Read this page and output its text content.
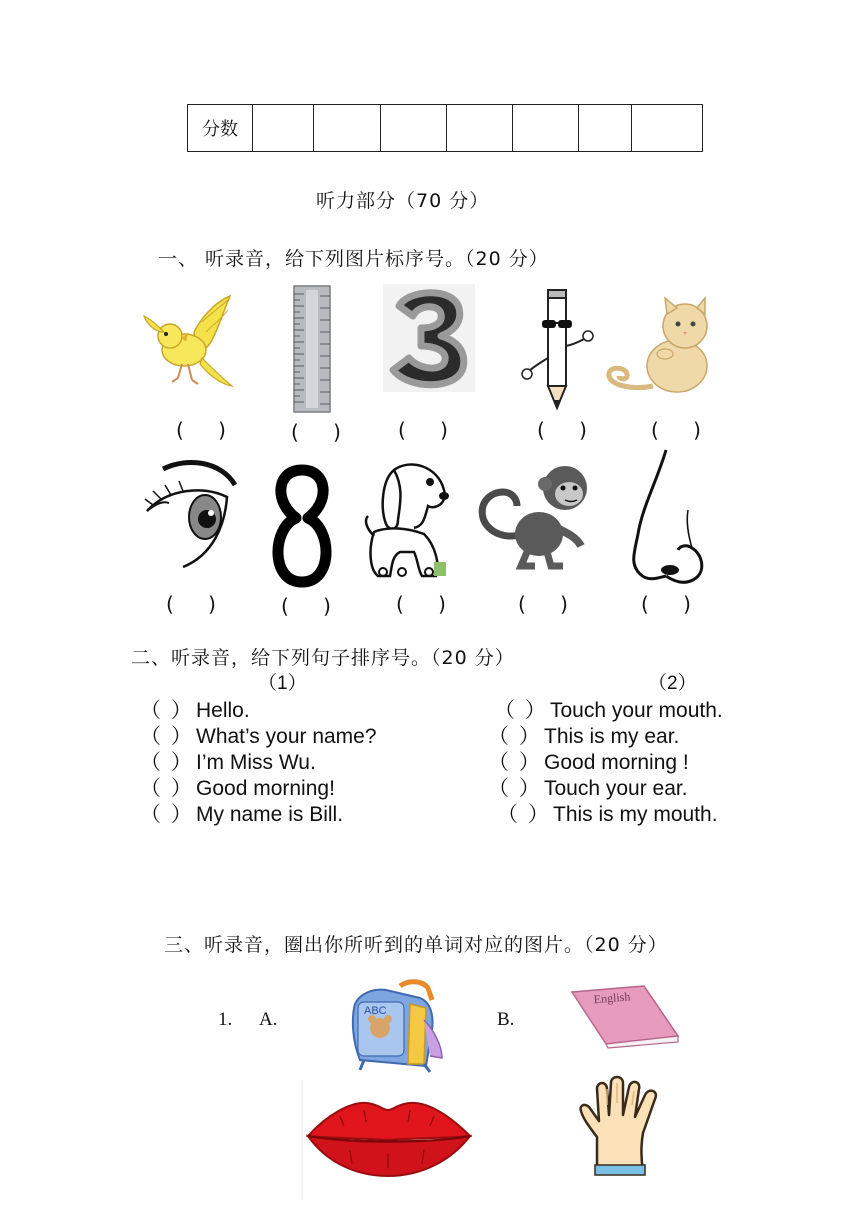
分数							
听力部分（70 分）
一、 听录音，给下列图片标序号。（20 分）
( )	( ) ( )	( )	( )
( )	( )	( )	( )	( )
二、听录音，给下列句子排序号。（20 分）
（1）	（2）
（ ） Hello.
（ ） What’s your name?
（ ） I’m Miss Wu.
（ ） Good morning!
（ ） My name is Bill.
（ ） Touch your mouth.
（ ） This is my ear.
（ ） Good morning !
（ ） Touch your ear.
（ ） This is my mouth.
三、听录音，圈出你所听到的单词对应的图片。（20 分）
1. A.	B.
ABC
English
